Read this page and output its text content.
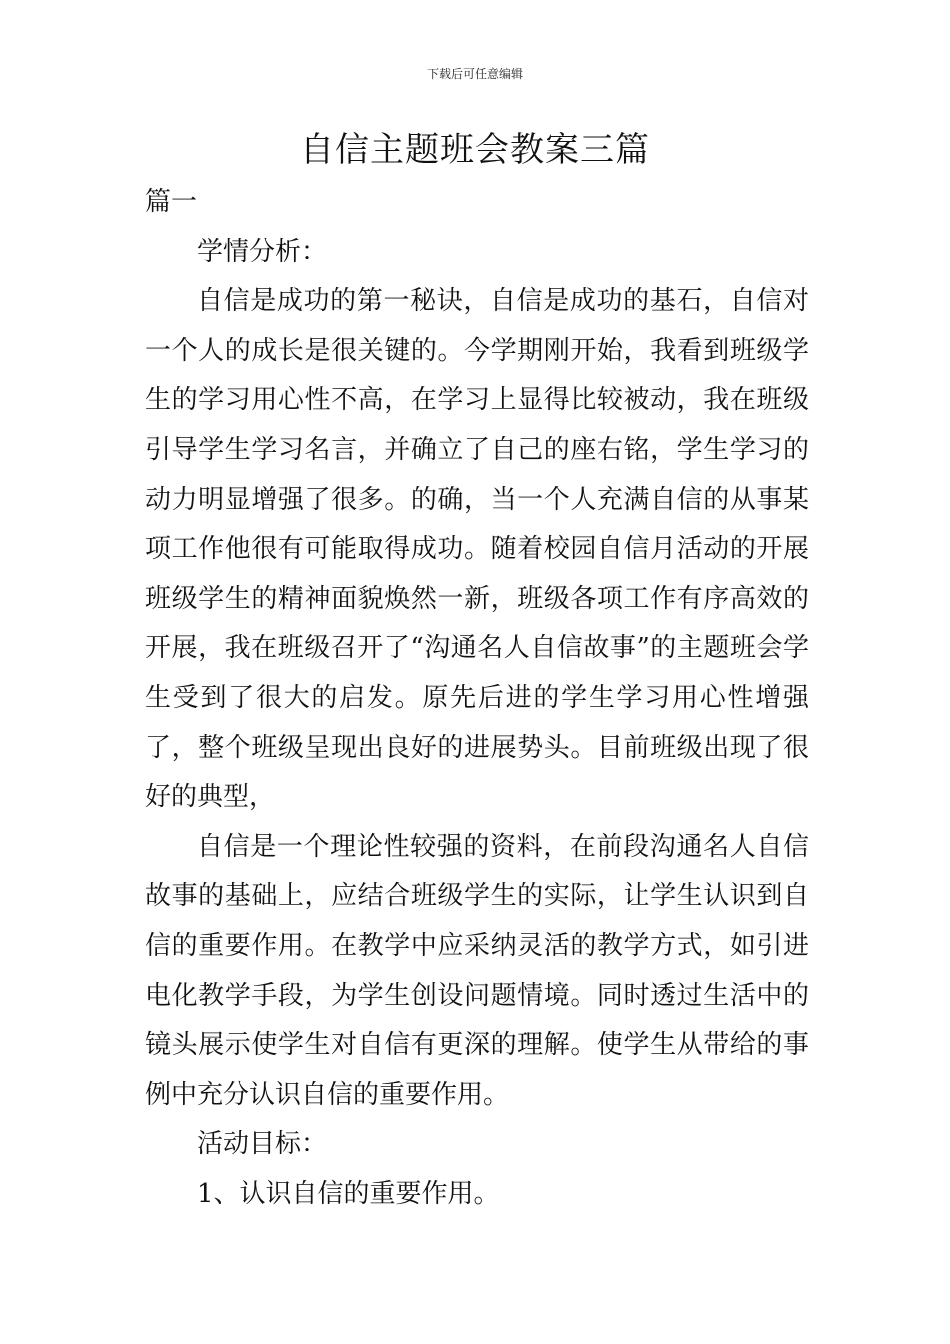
下载后可任意编辑
自信主题班会教案三篇

篇一

学情分析：

自信是成功的第一秘诀，自信是成功的基石，自信对一个人的成长是很关键的。今学期刚开始，我看到班级学生的学习用心性不高，在学习上显得比较被动，我在班级引导学生学习名言，并确立了自己的座右铭，学生学习的动力明显增强了很多。的确，当一个人充满自信的从事某项工作他很有可能取得成功。随着校园自信月活动的开展班级学生的精神面貌焕然一新，班级各项工作有序高效的开展，我在班级召开了“沟通名人自信故事”的主题班会学生受到了很大的启发。原先后进的学生学习用心性增强了，整个班级呈现出良好的进展势头。目前班级出现了很好的典型，

自信是一个理论性较强的资料，在前段沟通名人自信故事的基础上，应结合班级学生的实际，让学生认识到自信的重要作用。在教学中应采纳灵活的教学方式，如引进电化教学手段，为学生创设问题情境。同时透过生活中的镜头展示使学生对自信有更深的理解。使学生从带给的事例中充分认识自信的重要作用。

活动目标：

1、认识自信的重要作用。
